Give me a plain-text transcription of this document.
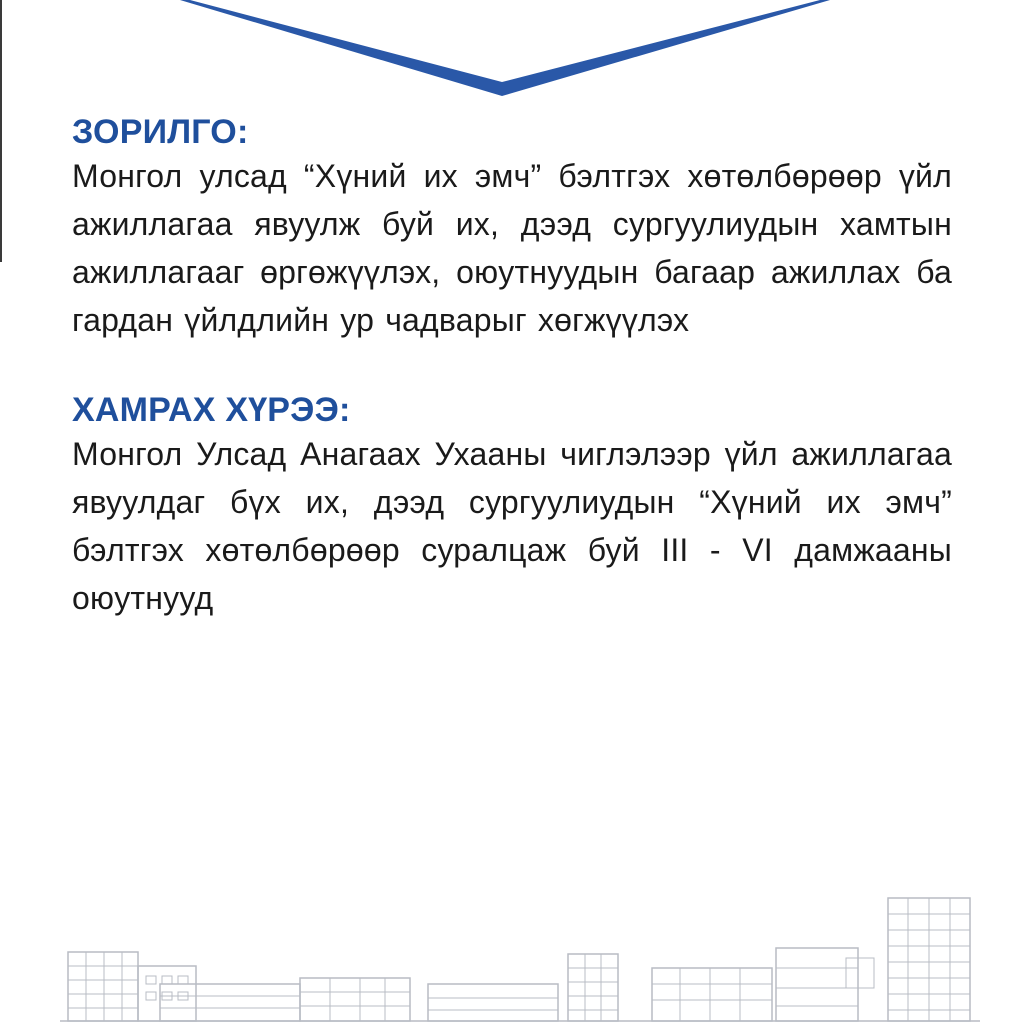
ЗОРИЛГО:

Монгол улсад “Хүний их эмч” бэлтгэх хөтөлбөрөөр үйл ажиллагаа явуулж буй их, дээд сургуулиудын хамтын ажиллагааг өргөжүүлэх, оюутнуудын багаар ажиллах ба гардан үйлдлийн ур чадварыг хөгжүүлэх

ХАМРАХ ХҮРЭЭ:

Монгол Улсад Анагаах Ухааны чиглэлээр үйл ажиллагаа явуулдаг бүх их, дээд сургуулиудын “Хүний их эмч” бэлтгэх хөтөлбөрөөр суралцаж буй III - VI дамжааны оюутнууд
